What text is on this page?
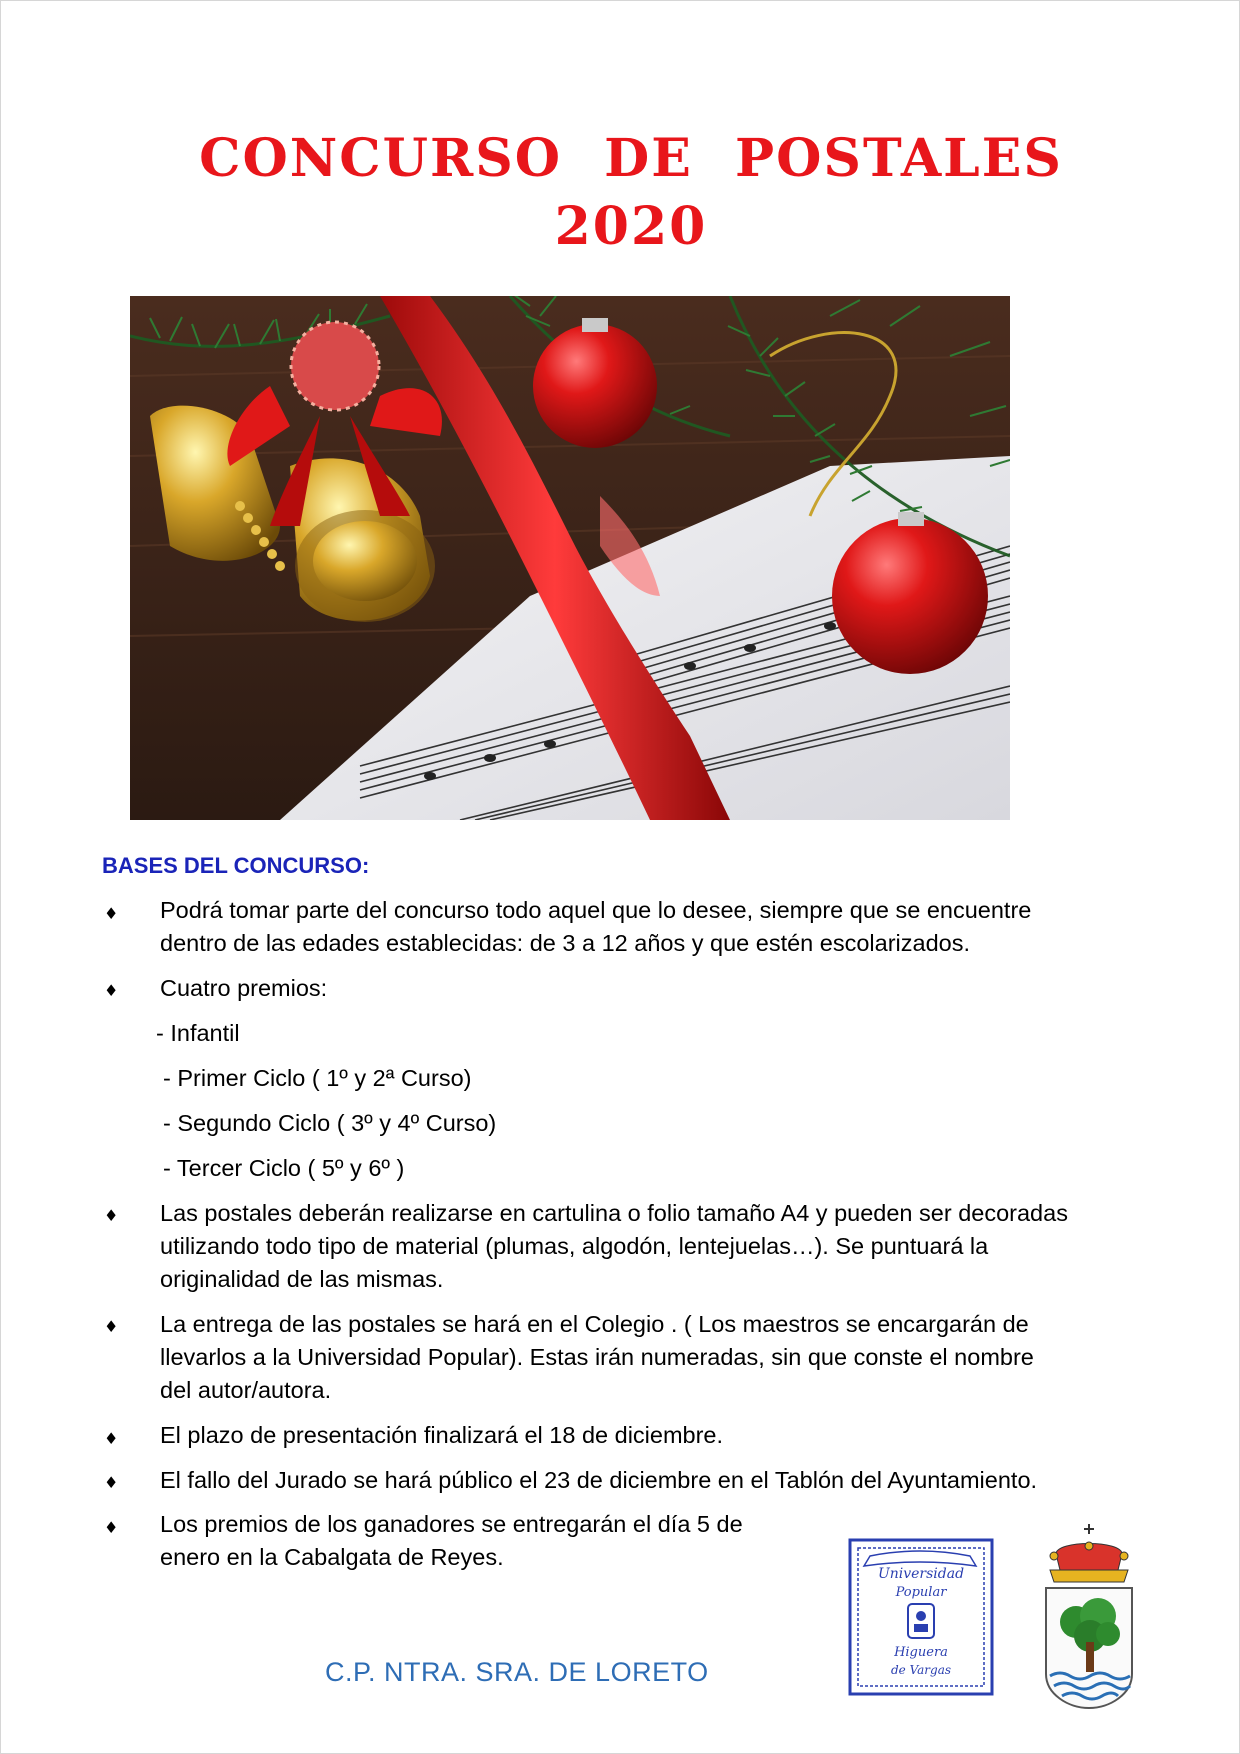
CONCURSO DE POSTALES
2020
BASES DEL CONCURSO:
♦ Podrá tomar parte del concurso todo aquel que lo desee, siempre que se encuentre
dentro de las edades establecidas: de 3 a 12 años y que estén escolarizados.
♦ Cuatro premios:
- Infantil
- Primer Ciclo ( 1º y 2ª Curso)
- Segundo Ciclo ( 3º y 4º Curso)
- Tercer Ciclo ( 5º y 6º )
♦ Las postales deberán realizarse en cartulina o folio tamaño A4 y pueden ser decoradas
utilizando todo tipo de material (plumas, algodón, lentejuelas…). Se puntuará la
originalidad de las mismas.
♦ La entrega de las postales se hará en el Colegio . ( Los maestros se encargarán de
llevarlos a la Universidad Popular). Estas irán numeradas, sin que conste el nombre
del autor/autora.
♦ El plazo de presentación finalizará el 18 de diciembre.
♦ El fallo del Jurado se hará público el 23 de diciembre en el Tablón del Ayuntamiento.
♦ Los premios de los ganadores se entregarán el día 5 de
enero en la Cabalgata de Reyes.
C.P. NTRA. SRA. DE LORETO
Universidad
Popular
Higuera
de Vargas
